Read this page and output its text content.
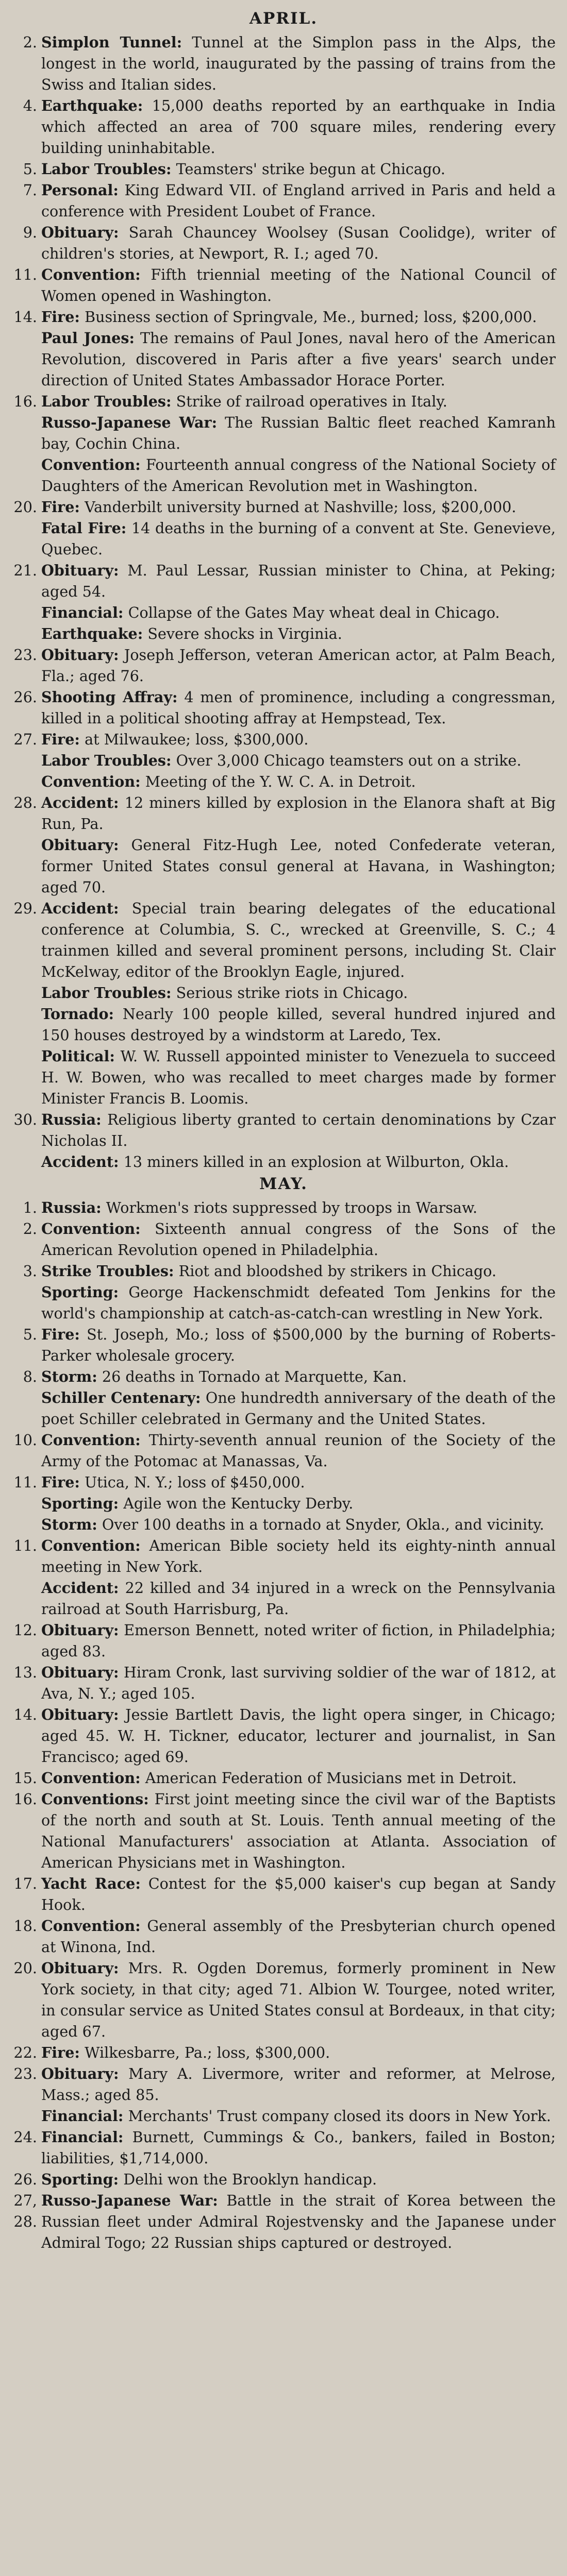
APRIL.
2. Simplon Tunnel: Tunnel at the Simplon pass in the Alps, the longest in the world, inaugurated by the passing of trains from the Swiss and Italian sides.
4. Earthquake: 15,000 deaths reported by an earthquake in India which affected an area of 700 square miles, rendering every building uninhabitable.
5. Labor Troubles: Teamsters' strike begun at Chicago.
7. Personal: King Edward VII. of England arrived in Paris and held a conference with President Loubet of France.
9. Obituary: Sarah Chauncey Woolsey (Susan Coolidge), writer of children's stories, at Newport, R. I.; aged 70.
11. Convention: Fifth triennial meeting of the National Council of Women opened in Washington.
14. Fire: Business section of Springvale, Me., burned; loss, $200,000.
Paul Jones: The remains of Paul Jones, naval hero of the American Revolution, discovered in Paris after a five years' search under direction of United States Ambassador Horace Porter.
16. Labor Troubles: Strike of railroad operatives in Italy.
Russo-Japanese War: The Russian Baltic fleet reached Kamranh bay, Cochin China.
Convention: Fourteenth annual congress of the National Society of Daughters of the American Revolution met in Washington.
20. Fire: Vanderbilt university burned at Nashville; loss, $200,000.
Fatal Fire: 14 deaths in the burning of a convent at Ste. Genevieve, Quebec.
21. Obituary: M. Paul Lessar, Russian minister to China, at Peking; aged 54.
Financial: Collapse of the Gates May wheat deal in Chicago.
Earthquake: Severe shocks in Virginia.
23. Obituary: Joseph Jefferson, veteran American actor, at Palm Beach, Fla.; aged 76.
26. Shooting Affray: 4 men of prominence, including a congressman, killed in a political shooting affray at Hempstead, Tex.
27. Fire: at Milwaukee; loss, $300,000.
Labor Troubles: Over 3,000 Chicago teamsters out on a strike.
Convention: Meeting of the Y. W. C. A. in Detroit.
28. Accident: 12 miners killed by explosion in the Elanora shaft at Big Run, Pa.
Obituary: General Fitz-Hugh Lee, noted Confederate veteran, former United States consul general at Havana, in Washington; aged 70.
29. Accident: Special train bearing delegates of the educational conference at Columbia, S. C., wrecked at Greenville, S. C.; 4 trainmen killed and several prominent persons, including St. Clair McKelway, editor of the Brooklyn Eagle, injured.
Labor Troubles: Serious strike riots in Chicago.
Tornado: Nearly 100 people killed, several hundred injured and 150 houses destroyed by a windstorm at Laredo, Tex.
Political: W. W. Russell appointed minister to Venezuela to succeed H. W. Bowen, who was recalled to meet charges made by former Minister Francis B. Loomis.
30. Russia: Religious liberty granted to certain denominations by Czar Nicholas II.
Accident: 13 miners killed in an explosion at Wilburton, Okla.
MAY.
1. Russia: Workmen's riots suppressed by troops in Warsaw.
2. Convention: Sixteenth annual congress of the Sons of the American Revolution opened in Philadelphia.
3. Strike Troubles: Riot and bloodshed by strikers in Chicago.
Sporting: George Hackenschmidt defeated Tom Jenkins for the world's championship at catch-as-catch-can wrestling in New York.
5. Fire: St. Joseph, Mo.; loss of $500,000 by the burning of Roberts-Parker wholesale grocery.
8. Storm: 26 deaths in Tornado at Marquette, Kan.
Schiller Centenary: One hundredth anniversary of the death of the poet Schiller celebrated in Germany and the United States.
10. Convention: Thirty-seventh annual reunion of the Society of the Army of the Potomac at Manassas, Va.
11. Fire: Utica, N. Y.; loss of $450,000.
Sporting: Agile won the Kentucky Derby.
Storm: Over 100 deaths in a tornado at Snyder, Okla., and vicinity.
11. Convention: American Bible society held its eighty-ninth annual meeting in New York.
Accident: 22 killed and 34 injured in a wreck on the Pennsylvania railroad at South Harrisburg, Pa.
12. Obituary: Emerson Bennett, noted writer of fiction, in Philadelphia; aged 83.
13. Obituary: Hiram Cronk, last surviving soldier of the war of 1812, at Ava, N. Y.; aged 105.
14. Obituary: Jessie Bartlett Davis, the light opera singer, in Chicago; aged 45. W. H. Tickner, educator, lecturer and journalist, in San Francisco; aged 69.
15. Convention: American Federation of Musicians met in Detroit.
16. Conventions: First joint meeting since the civil war of the Baptists of the north and south at St. Louis. Tenth annual meeting of the National Manufacturers' association at Atlanta. Association of American Physicians met in Washington.
17. Yacht Race: Contest for the $5,000 kaiser's cup began at Sandy Hook.
18. Convention: General assembly of the Presbyterian church opened at Winona, Ind.
20. Obituary: Mrs. R. Ogden Doremus, formerly prominent in New York society, in that city; aged 71. Albion W. Tourgee, noted writer, in consular service as United States consul at Bordeaux, in that city; aged 67.
22. Fire: Wilkesbarre, Pa.; loss, $300,000.
23. Obituary: Mary A. Livermore, writer and reformer, at Melrose, Mass.; aged 85.
Financial: Merchants' Trust company closed its doors in New York.
24. Financial: Burnett, Cummings & Co., bankers, failed in Boston; liabilities, $1,714,000.
26. Sporting: Delhi won the Brooklyn handicap.
27, 28.
Russo-Japanese War: Battle in the strait of Korea between the Russian fleet under Admiral Rojestvensky and the Japanese under Admiral Togo; 22 Russian ships captured or destroyed.
